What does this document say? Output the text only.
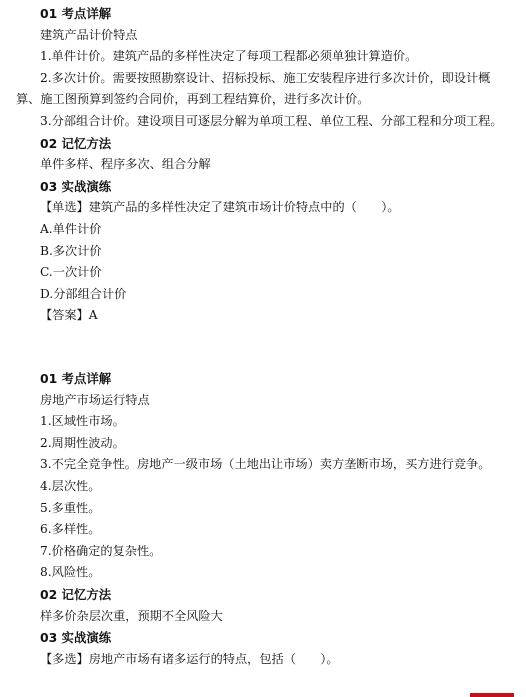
01 考点详解
建筑产品计价特点
1.单件计价。建筑产品的多样性决定了每项工程都必须单独计算造价。
2.多次计价。需要按照勘察设计、招标投标、施工安装程序进行多次计价，即设计概算、施工图预算到签约合同价，再到工程结算价，进行多次计价。
3.分部组合计价。建设项目可逐层分解为单项工程、单位工程、分部工程和分项工程。
02 记忆方法
单件多样、程序多次、组合分解
03 实战演练
【单选】建筑产品的多样性决定了建筑市场计价特点中的（　　）。
A.单件计价
B.多次计价
C.一次计价
D.分部组合计价
【答案】A
01 考点详解
房地产市场运行特点
1.区域性市场。
2.周期性波动。
3.不完全竞争性。房地产一级市场（土地出让市场）卖方垄断市场，买方进行竞争。
4.层次性。
5.多重性。
6.多样性。
7.价格确定的复杂性。
8.风险性。
02 记忆方法
样多价杂层次重，预期不全风险大
03 实战演练
【多选】房地产市场有诸多运行的特点，包括（　　）。
